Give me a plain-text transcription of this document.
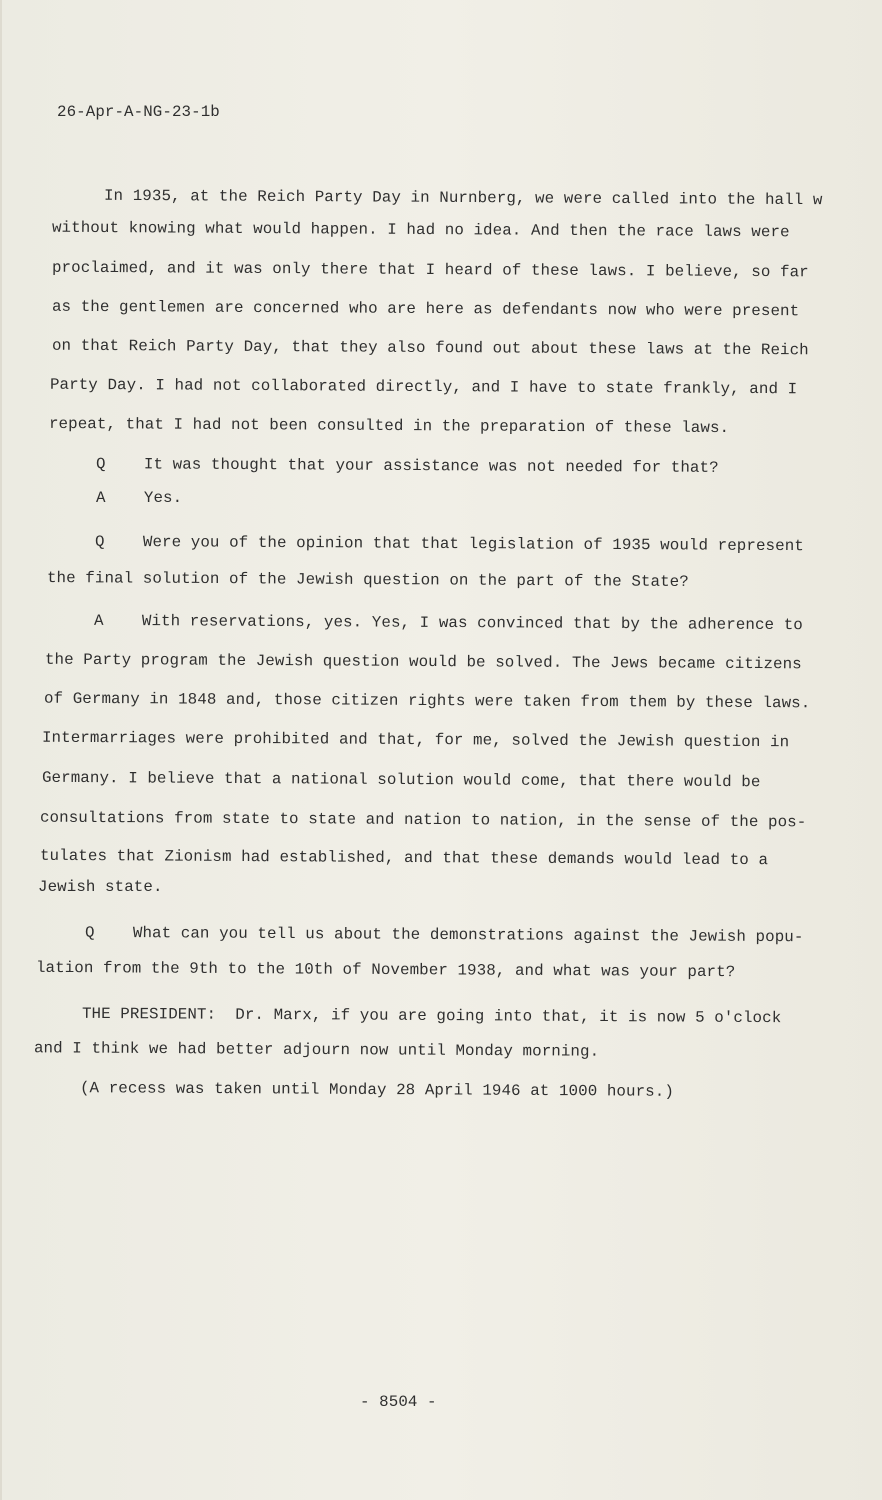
26-Apr-A-NG-23-1b
In 1935, at the Reich Party Day in Nurnberg, we were called into the hall w
without knowing what would happen. I had no idea. And then the race laws were
proclaimed, and it was only there that I heard of these laws. I believe, so far
as the gentlemen are concerned who are here as defendants now who were present
on that Reich Party Day, that they also found out about these laws at the Reich
Party Day. I had not collaborated directly, and I have to state frankly, and I
repeat, that I had not been consulted in the preparation of these laws.
Q    It was thought that your assistance was not needed for that?
A    Yes.
Q    Were you of the opinion that that legislation of 1935 would represent
the final solution of the Jewish question on the part of the State?
A    With reservations, yes. Yes, I was convinced that by the adherence to
the Party program the Jewish question would be solved. The Jews became citizens
of Germany in 1848 and, those citizen rights were taken from them by these laws.
Intermarriages were prohibited and that, for me, solved the Jewish question in
Germany. I believe that a national solution would come, that there would be
consultations from state to state and nation to nation, in the sense of the pos-
tulates that Zionism had established, and that these demands would lead to a
Jewish state.
Q    What can you tell us about the demonstrations against the Jewish popu-
lation from the 9th to the 10th of November 1938, and what was your part?
THE PRESIDENT:  Dr. Marx, if you are going into that, it is now 5 o'clock
and I think we had better adjourn now until Monday morning.
(A recess was taken until Monday 28 April 1946 at 1000 hours.)
- 8504 -
